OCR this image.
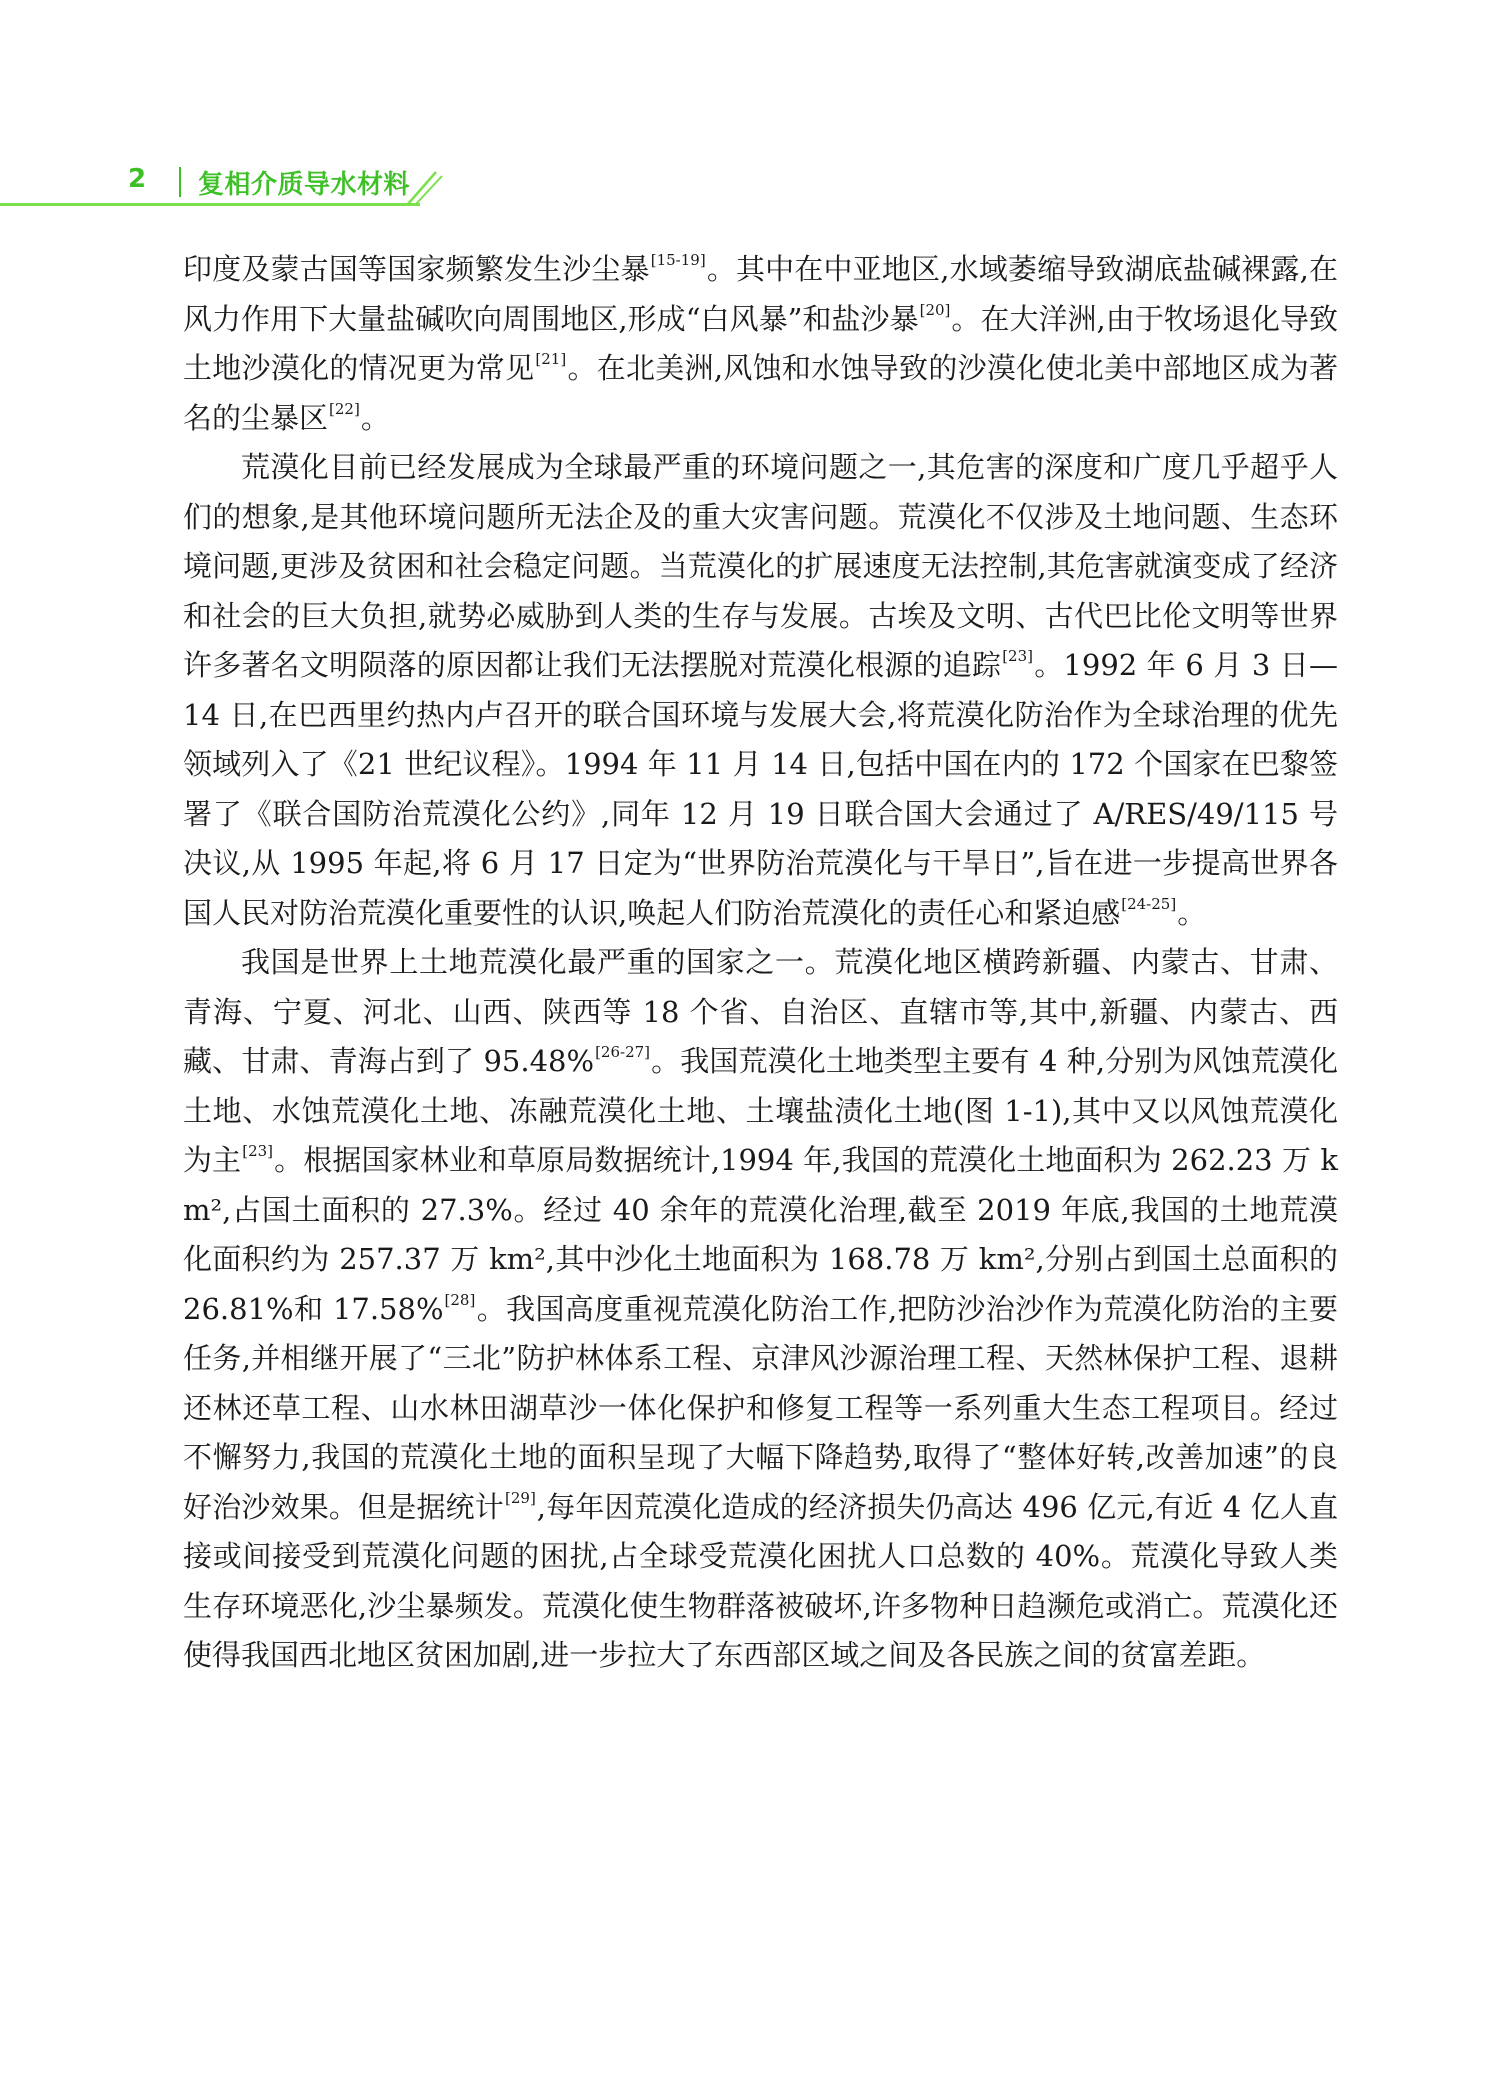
2	复相介质导水材料

印度及蒙古国等国家频繁发生沙尘暴[15-19]。其中在中亚地区,水域萎缩导致湖底盐碱裸露,在风力作用下大量盐碱吹向周围地区,形成“白风暴”和盐沙暴[20]。在大洋洲,由于牧场退化导致土地沙漠化的情况更为常见[21]。在北美洲,风蚀和水蚀导致的沙漠化使北美中部地区成为著名的尘暴区[22]。

荒漠化目前已经发展成为全球最严重的环境问题之一,其危害的深度和广度几乎超乎人们的想象,是其他环境问题所无法企及的重大灾害问题。荒漠化不仅涉及土地问题、生态环境问题,更涉及贫困和社会稳定问题。当荒漠化的扩展速度无法控制,其危害就演变成了经济和社会的巨大负担,就势必威胁到人类的生存与发展。古埃及文明、古代巴比伦文明等世界许多著名文明陨落的原因都让我们无法摆脱对荒漠化根源的追踪[23]。1992 年 6 月 3 日—14 日,在巴西里约热内卢召开的联合国环境与发展大会,将荒漠化防治作为全球治理的优先领域列入了《21 世纪议程》。1994 年 11 月 14 日,包括中国在内的 172 个国家在巴黎签署了《联合国防治荒漠化公约》,同年 12 月 19 日联合国大会通过了 A/RES/49/115 号决议,从 1995 年起,将 6 月 17 日定为“世界防治荒漠化与干旱日”,旨在进一步提高世界各国人民对防治荒漠化重要性的认识,唤起人们防治荒漠化的责任心和紧迫感[24-25]。

我国是世界上土地荒漠化最严重的国家之一。荒漠化地区横跨新疆、内蒙古、甘肃、青海、宁夏、河北、山西、陕西等 18 个省、自治区、直辖市等,其中,新疆、内蒙古、西藏、甘肃、青海占到了 95.48%[26-27]。我国荒漠化土地类型主要有 4 种,分别为风蚀荒漠化土地、水蚀荒漠化土地、冻融荒漠化土地、土壤盐渍化土地(图 1-1),其中又以风蚀荒漠化为主[23]。根据国家林业和草原局数据统计,1994 年,我国的荒漠化土地面积为 262.23 万 km²,占国土面积的 27.3%。经过 40 余年的荒漠化治理,截至 2019 年底,我国的土地荒漠化面积约为 257.37 万 km²,其中沙化土地面积为 168.78 万 km²,分别占到国土总面积的 26.81%和 17.58%[28]。我国高度重视荒漠化防治工作,把防沙治沙作为荒漠化防治的主要任务,并相继开展了“三北”防护林体系工程、京津风沙源治理工程、天然林保护工程、退耕还林还草工程、山水林田湖草沙一体化保护和修复工程等一系列重大生态工程项目。经过不懈努力,我国的荒漠化土地的面积呈现了大幅下降趋势,取得了“整体好转,改善加速”的良好治沙效果。但是据统计[29],每年因荒漠化造成的经济损失仍高达 496 亿元,有近 4 亿人直接或间接受到荒漠化问题的困扰,占全球受荒漠化困扰人口总数的 40%。荒漠化导致人类生存环境恶化,沙尘暴频发。荒漠化使生物群落被破坏,许多物种日趋濒危或消亡。荒漠化还使得我国西北地区贫困加剧,进一步拉大了东西部区域之间及各民族之间的贫富差距。
